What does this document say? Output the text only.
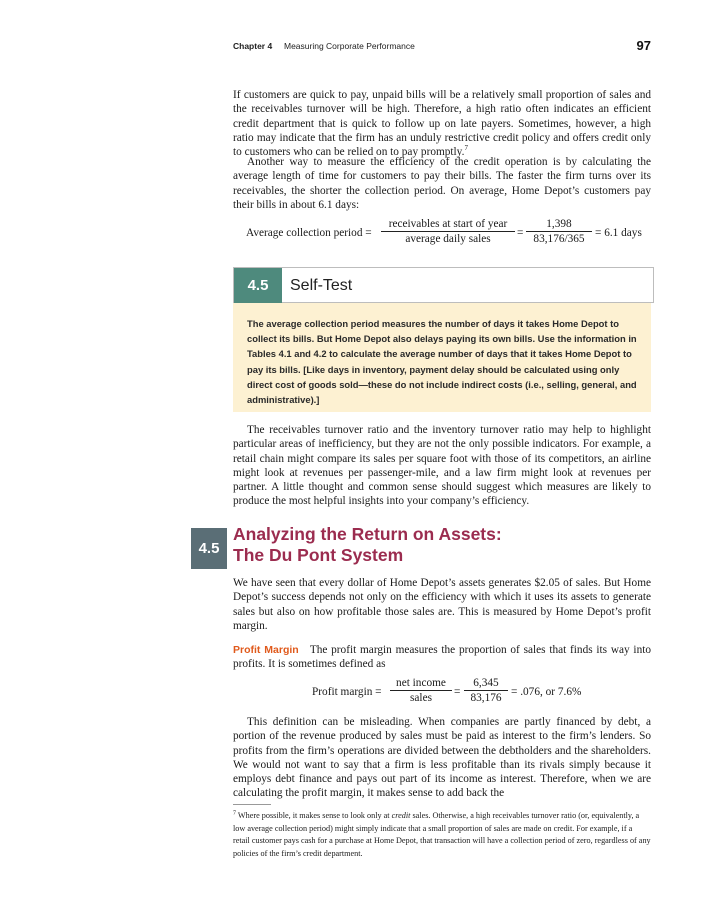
Chapter 4 Measuring Corporate Performance	97

If customers are quick to pay, unpaid bills will be a relatively small proportion of sales and the receivables turnover will be high. Therefore, a high ratio often indicates an efficient credit department that is quick to follow up on late payers. Sometimes, however, a high ratio may indicate that the firm has an unduly restrictive credit policy and offers credit only to customers who can be relied on to pay promptly.$^7$

Another way to measure the efficiency of the credit operation is by calculating the average length of time for customers to pay their bills. The faster the firm turns over its receivables, the shorter the collection period. On average, Home Depot’s customers pay their bills in about 6.1 days:

Average collection period =
receivables at start of year
average daily sales	= $\frac{1,398}{83,176/365} = 6.1$ days
4.5	Self-Test

The average collection period measures the number of days it takes Home Depot to collect its bills. But Home Depot also delays paying its own bills. Use the information in Tables 4.1 and 4.2 to calculate the average number of days that it takes Home Depot to pay its bills. [Like days in inventory, payment delay should be calculated using only direct cost of goods sold—these do not include indirect costs (i.e., selling, general, and administrative).]

The receivables turnover ratio and the inventory turnover ratio may help to highlight particular areas of inefficiency, but they are not the only possible indicators. For example, a retail chain might compare its sales per square foot with those of its competitors, an airline might look at revenues per passenger-mile, and a law firm might look at revenues per partner. A little thought and common sense should suggest which measures are likely to produce the most helpful insights into your company’s efficiency.

4.5
Analyzing the Return on Assets:
The Du Pont System

We have seen that every dollar of Home Depot’s assets generates $2.05 of sales. But Home Depot’s success depends not only on the efficiency with which it uses its assets to generate sales but also on how profitable those sales are. This is measured by Home Depot’s profit margin.

Profit Margin The profit margin measures the proportion of sales that finds its way into profits. It is sometimes defined as

Profit margin =
net income
sales	= $\frac{6,345}{83,176} = .076$, or 7.6%

This definition can be misleading. When companies are partly financed by debt, a portion of the revenue produced by sales must be paid as interest to the firm’s lenders. So profits from the firm’s operations are divided between the debtholders and the shareholders. We would not want to say that a firm is less profitable than its rivals simply because it employs debt finance and pays out part of its income as interest. Therefore, when we are calculating the profit margin, it makes sense to add back the

$^7$ Where possible, it makes sense to look only at credit sales. Otherwise, a high receivables turnover ratio (or, equivalently, a low average collection period) might simply indicate that a small proportion of sales are made on credit. For example, if a retail customer pays cash for a purchase at Home Depot, that transaction will have a collection period of zero, regardless of any policies of the firm’s credit department.
